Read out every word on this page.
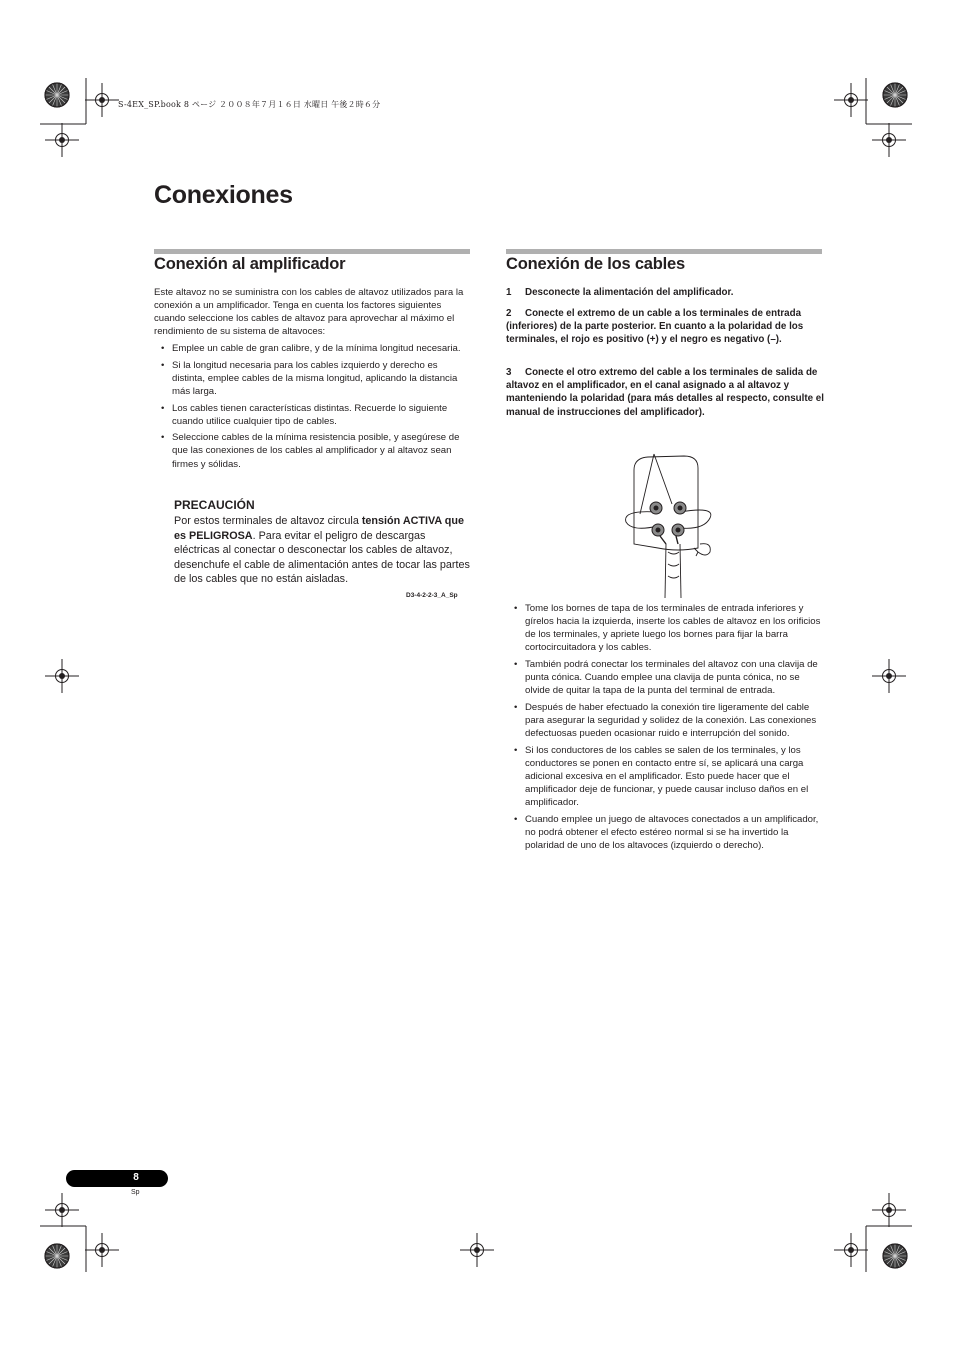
S-4EX_SP.book 8 ページ ２００８年７月１６日 水曜日 午後２時６分
Conexiones
Conexión al amplificador
Este altavoz no se suministra con los cables de altavoz utilizados para la conexión a un amplificador. Tenga en cuenta los factores siguientes cuando seleccione los cables de altavoz para aprovechar al máximo el rendimiento de su sistema de altavoces:
• Emplee un cable de gran calibre, y de la mínima longitud necesaria.
• Si la longitud necesaria para los cables izquierdo y derecho es distinta, emplee cables de la misma longitud, aplicando la distancia más larga.
• Los cables tienen características distintas. Recuerde lo siguiente cuando utilice cualquier tipo de cables.
• Seleccione cables de la mínima resistencia posible, y asegúrese de que las conexiones de los cables al amplificador y al altavoz sean firmes y sólidas.
PRECAUCIÓN
Por estos terminales de altavoz circula tensión ACTIVA que es PELIGROSA. Para evitar el peligro de descargas eléctricas al conectar o desconectar los cables de altavoz, desenchufe el cable de alimentación antes de tocar las partes de los cables que no están aisladas.
D3-4-2-2-3_A_Sp
Conexión de los cables
1 Desconecte la alimentación del amplificador.
2 Conecte el extremo de un cable a los terminales de entrada (inferiores) de la parte posterior. En cuanto a la polaridad de los terminales, el rojo es positivo (+) y el negro es negativo (–).
3 Conecte el otro extremo del cable a los terminales de salida de altavoz en el amplificador, en el canal asignado a al altavoz y manteniendo la polaridad (para más detalles al respecto, consulte el manual de instrucciones del amplificador).
• Tome los bornes de tapa de los terminales de entrada inferiores y gírelos hacia la izquierda, inserte los cables de altavoz en los orificios de los terminales, y apriete luego los bornes para fijar la barra cortocircuitadora y los cables.
• También podrá conectar los terminales del altavoz con una clavija de punta cónica. Cuando emplee una clavija de punta cónica, no se olvide de quitar la tapa de la punta del terminal de entrada.
• Después de haber efectuado la conexión tire ligeramente del cable para asegurar la seguridad y solidez de la conexión. Las conexiones defectuosas pueden ocasionar ruido e interrupción del sonido.
• Si los conductores de los cables se salen de los terminales, y los conductores se ponen en contacto entre sí, se aplicará una carga adicional excesiva en el amplificador. Esto puede hacer que el amplificador deje de funcionar, y puede causar incluso daños en el amplificador.
• Cuando emplee un juego de altavoces conectados a un amplificador, no podrá obtener el efecto estéreo normal si se ha invertido la polaridad de uno de los altavoces (izquierdo o derecho).
8
Sp
